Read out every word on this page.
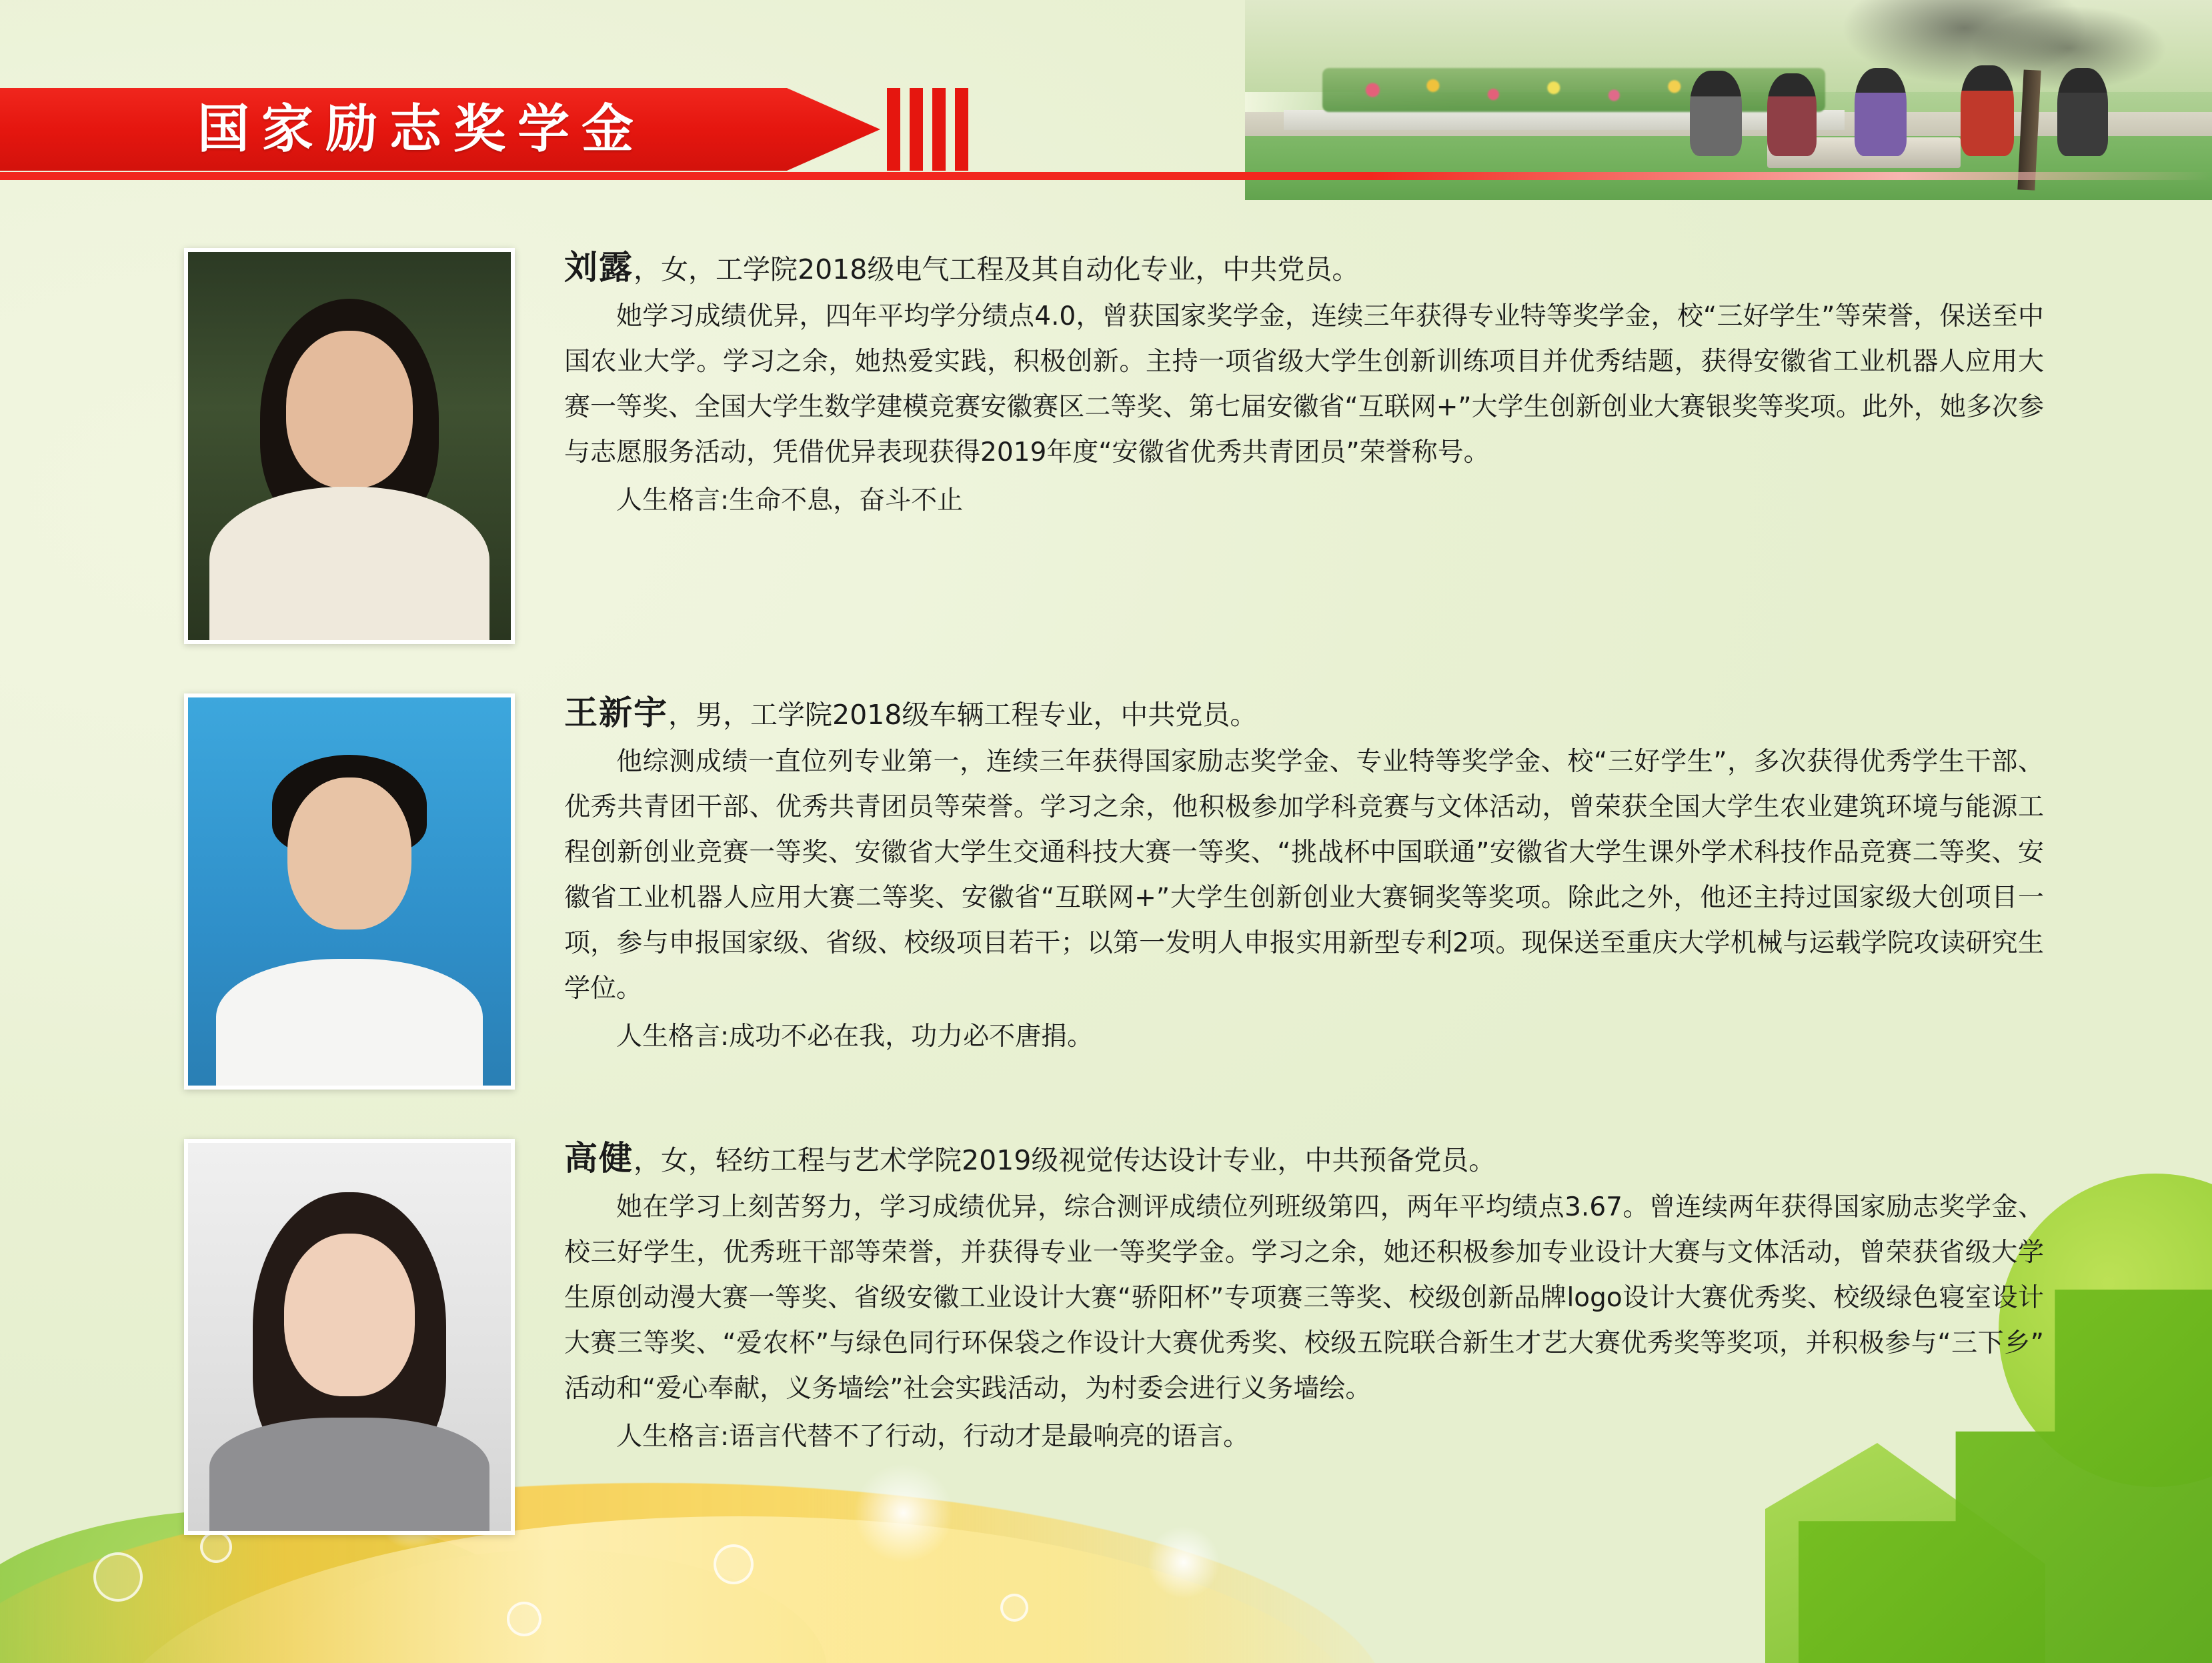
国家励志奖学金

刘露，女，工学院2018级电气工程及其自动化专业，中共党员。

她学习成绩优异，四年平均学分绩点4.0，曾获国家奖学金，连续三年获得专业特等奖学金，校“三好学生”等荣誉，保送至中国农业大学。学习之余，她热爱实践，积极创新。主持一项省级大学生创新训练项目并优秀结题，获得安徽省工业机器人应用大赛一等奖、全国大学生数学建模竞赛安徽赛区二等奖、第七届安徽省“互联网+”大学生创新创业大赛银奖等奖项。此外，她多次参与志愿服务活动，凭借优异表现获得2019年度“安徽省优秀共青团员”荣誉称号。

人生格言:生命不息，奋斗不止

王新宇，男，工学院2018级车辆工程专业，中共党员。

他综测成绩一直位列专业第一，连续三年获得国家励志奖学金、专业特等奖学金、校“三好学生”，多次获得优秀学生干部、优秀共青团干部、优秀共青团员等荣誉。学习之余，他积极参加学科竞赛与文体活动，曾荣获全国大学生农业建筑环境与能源工程创新创业竞赛一等奖、安徽省大学生交通科技大赛一等奖、“挑战杯中国联通”安徽省大学生课外学术科技作品竞赛二等奖、安徽省工业机器人应用大赛二等奖、安徽省“互联网+”大学生创新创业大赛铜奖等奖项。除此之外，他还主持过国家级大创项目一项，参与申报国家级、省级、校级项目若干；以第一发明人申报实用新型专利2项。现保送至重庆大学机械与运载学院攻读研究生学位。

人生格言:成功不必在我，功力必不唐捐。

高健，女，轻纺工程与艺术学院2019级视觉传达设计专业，中共预备党员。

她在学习上刻苦努力，学习成绩优异，综合测评成绩位列班级第四，两年平均绩点3.67。曾连续两年获得国家励志奖学金、校三好学生，优秀班干部等荣誉，并获得专业一等奖学金。学习之余，她还积极参加专业设计大赛与文体活动，曾荣获省级大学生原创动漫大赛一等奖、省级安徽工业设计大赛“骄阳杯”专项赛三等奖、校级创新品牌logo设计大赛优秀奖、校级绿色寝室设计大赛三等奖、“爱农杯”与绿色同行环保袋之作设计大赛优秀奖、校级五院联合新生才艺大赛优秀奖等奖项，并积极参与“三下乡”活动和“爱心奉献，义务墙绘”社会实践活动，为村委会进行义务墙绘。

人生格言:语言代替不了行动，行动才是最响亮的语言。
